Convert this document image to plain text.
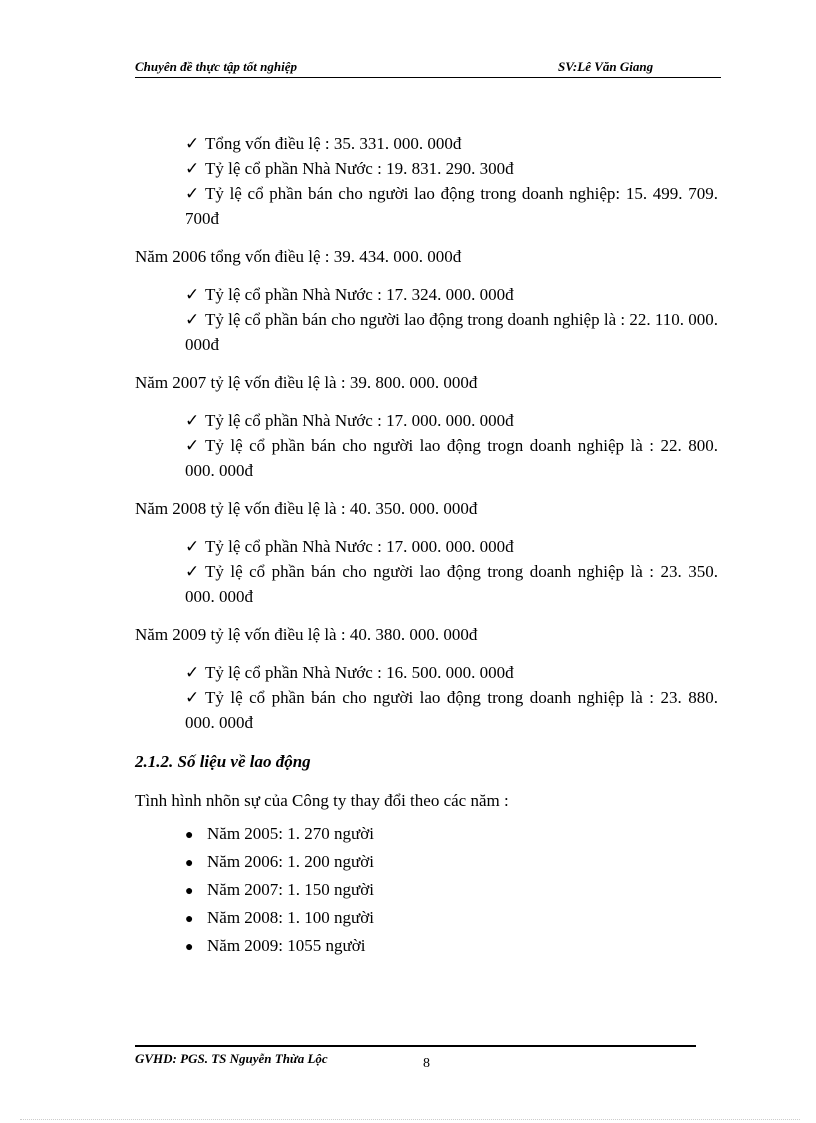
Chuyên đề thực tập tốt nghiệp	SV:Lê Văn Giang
✓ Tổng vốn điều lệ : 35. 331. 000. 000đ
✓ Tỷ lệ cổ phần Nhà Nước : 19. 831. 290. 300đ
✓ Tỷ lệ cổ phần bán cho người lao động trong doanh nghiệp: 15. 499. 709. 700đ
Năm 2006 tổng vốn điều lệ : 39. 434. 000. 000đ
✓ Tỷ lệ cổ phần Nhà Nước : 17. 324. 000. 000đ
✓ Tỷ lệ cổ phần bán cho người lao động trong doanh nghiệp là : 22. 110. 000. 000đ
Năm 2007 tỷ lệ vốn điều lệ là : 39. 800. 000. 000đ
✓ Tỷ lệ cổ phần Nhà Nước : 17. 000. 000. 000đ
✓ Tỷ lệ cổ phần bán cho người lao động trogn doanh nghiệp là : 22. 800. 000. 000đ
Năm 2008 tỷ lệ vốn điều lệ là : 40. 350. 000. 000đ
✓ Tỷ lệ cổ phần Nhà Nước : 17. 000. 000. 000đ
✓ Tỷ lệ cổ phần bán cho người lao động trong doanh nghiệp là : 23. 350. 000. 000đ
Năm 2009 tỷ lệ vốn điều lệ là : 40. 380. 000. 000đ
✓ Tỷ lệ cổ phần Nhà Nước : 16. 500. 000. 000đ
✓ Tỷ lệ cổ phần bán cho người lao động trong doanh nghiệp là : 23. 880. 000. 000đ
2.1.2. Số liệu về lao động
Tình hình nhõn sự của Công ty thay đổi theo các năm :
● Năm 2005: 1. 270 người
● Năm 2006: 1. 200 người
● Năm 2007: 1. 150 người
● Năm 2008: 1. 100 người
● Năm 2009: 1055 người
GVHD: PGS. TS Nguyễn Thừa Lộc	8
